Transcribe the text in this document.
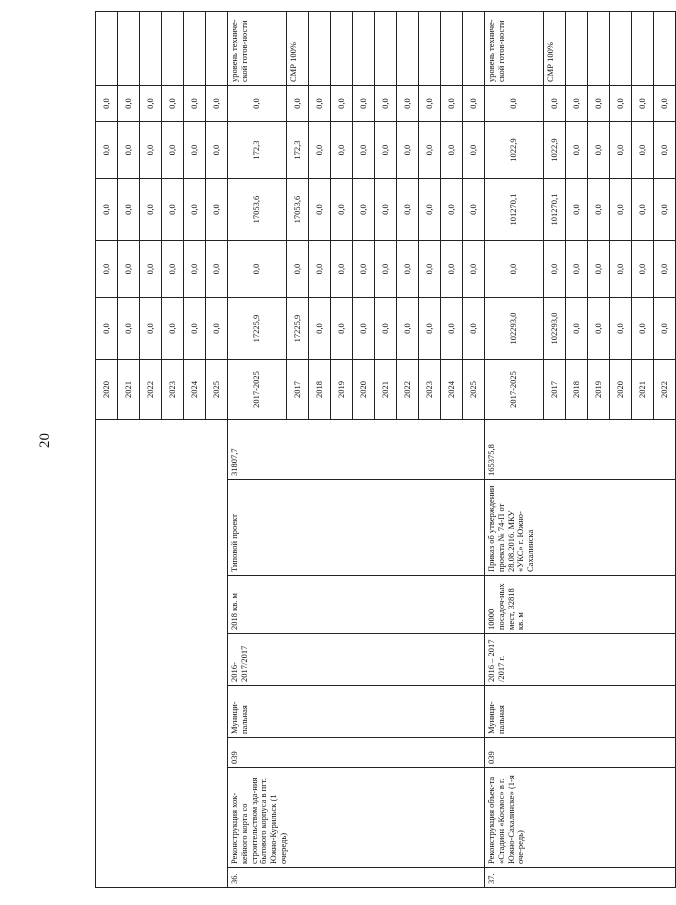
20
								2020	0,0	0,0	0,0	0,0	0,0	
								2021	0,0	0,0	0,0	0,0	0,0	
								2022	0,0	0,0	0,0	0,0	0,0	
								2023	0,0	0,0	0,0	0,0	0,0	
								2024	0,0	0,0	0,0	0,0	0,0	
								2025	0,0	0,0	0,0	0,0	0,0	
36.	Реконструкция хок-кейного корта со строительством зда-ния бытового корпуса в пгт. Южно-Курильск (1 очередь)	039	Муници-пальная	2016-2017/2017	2018 кв. м	Типовой проект	31807,7	2017-2025	17225,9	0,0	17053,6	172,3	0,0	уровень техниче-ской готов-ности
								2017	17225,9	0,0	17053,6	172,3	0,0	СМР 100%
								2018	0,0	0,0	0,0	0,0	0,0	
								2019	0,0	0,0	0,0	0,0	0,0	
								2020	0,0	0,0	0,0	0,0	0,0	
								2021	0,0	0,0	0,0	0,0	0,0	
								2022	0,0	0,0	0,0	0,0	0,0	
								2023	0,0	0,0	0,0	0,0	0,0	
								2024	0,0	0,0	0,0	0,0	0,0	
								2025	0,0	0,0	0,0	0,0	0,0	
37.	Реконструкция объек-та «Стадион «Космос» в г. Южно-Сахалинске» (1-я оче-редь)	039	Муници-пальная	2016 – 2017 /2017 г.	10000 посадоч-ных мест, 32818 кв. м	Приказ об утверждении проекта № 74-П от 28.08.2016. МКУ «УКС» г. Южно-Сахалинска	165375,8	2017-2025	102293,0	0,0	101270,1	1022,9	0,0	уровень техниче-ской готов-ности
								2017	102293,0	0,0	101270,1	1022,9	0,0	СМР 100%
								2018	0,0	0,0	0,0	0,0	0,0	
								2019	0,0	0,0	0,0	0,0	0,0	
								2020	0,0	0,0	0,0	0,0	0,0	
								2021	0,0	0,0	0,0	0,0	0,0	
								2022	0,0	0,0	0,0	0,0	0,0	
